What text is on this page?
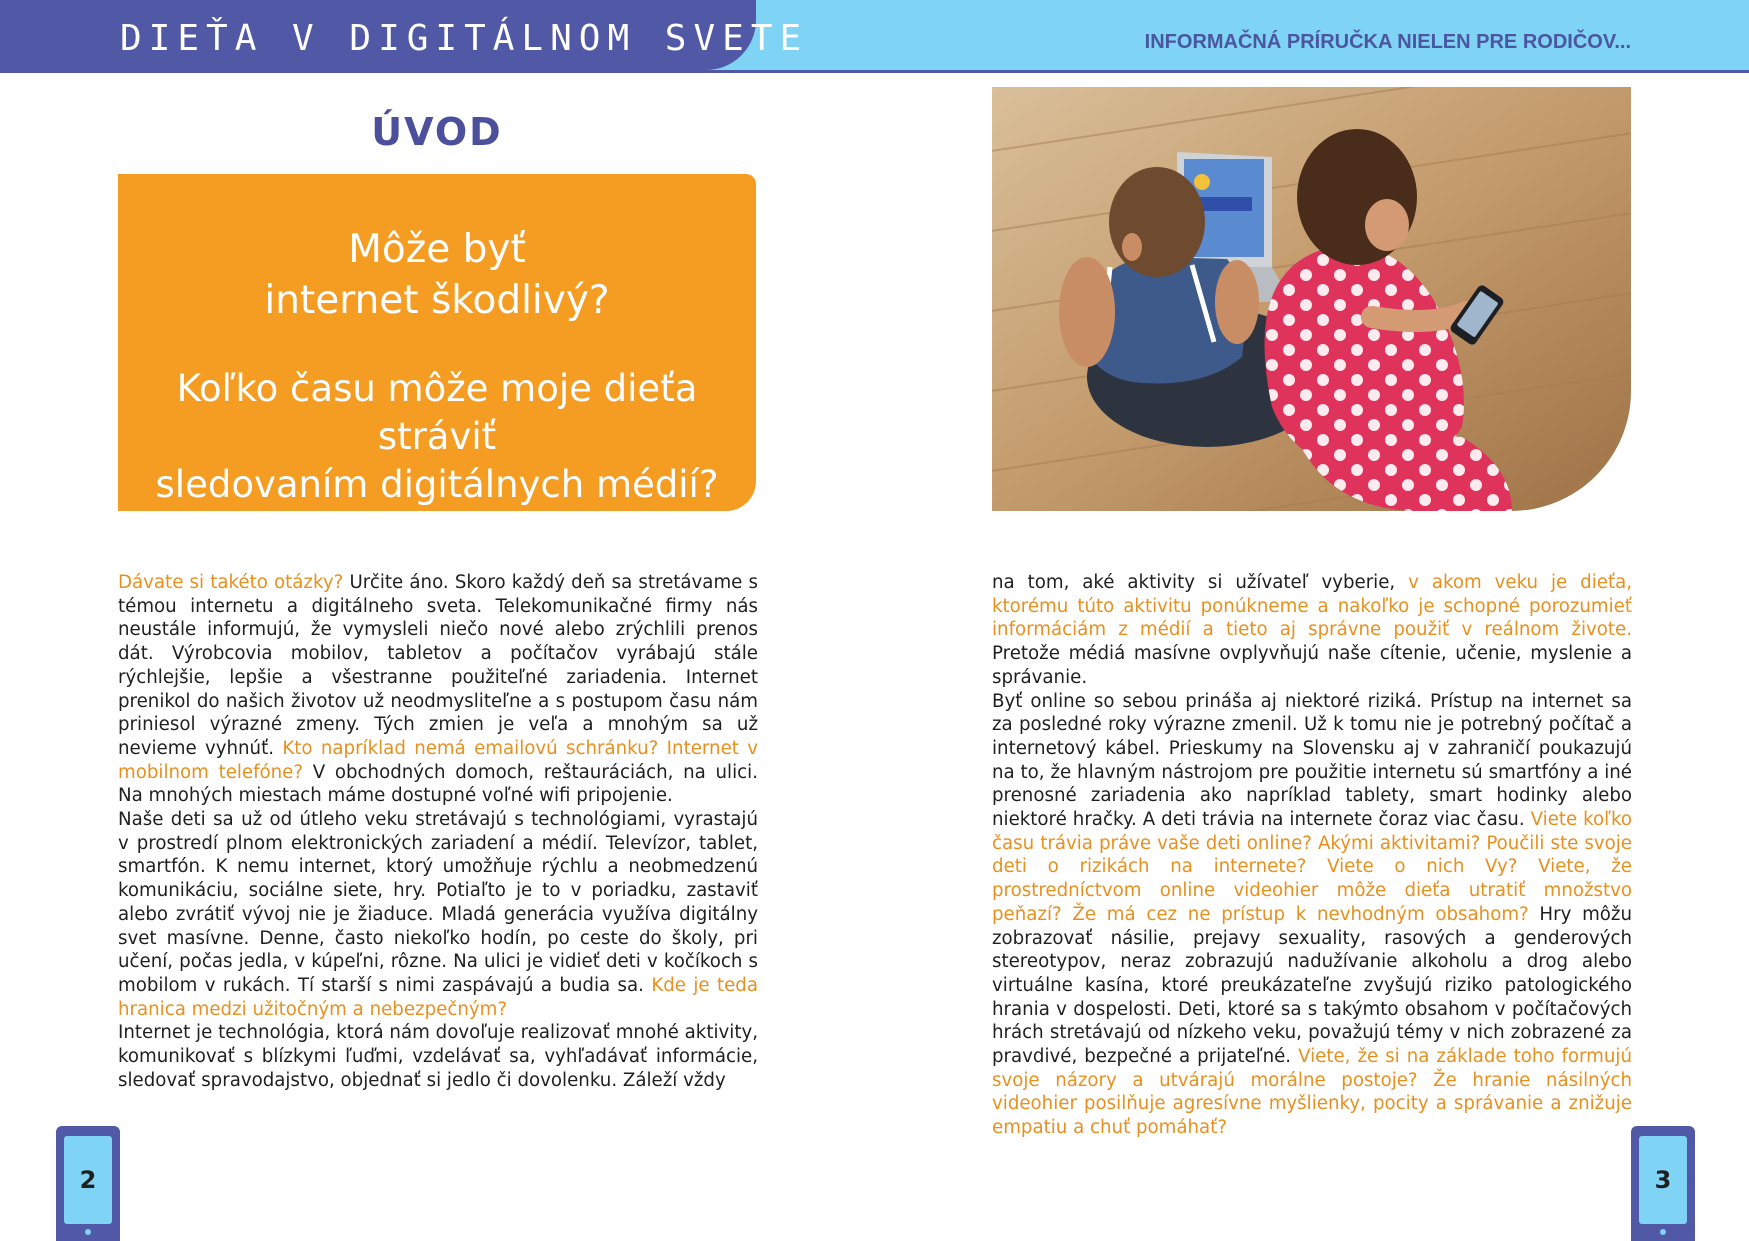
DIEŤA V DIGITÁLNOM SVETE	INFORMAČNÁ PRÍRUČKA NIELEN PRE RODIČOV...
ÚVOD
Môže byť
internet škodlivý?
Koľko času môže moje dieťa stráviť
sledovaním digitálnych médií?
Dávate si takéto otázky? Určite áno. Skoro každý deň sa stretávame s témou internetu a digitálneho sveta. Telekomunikačné firmy nás neustále informujú, že vymysleli niečo nové alebo zrýchlili prenos dát. Výrobcovia mobilov, tabletov a počítačov vyrábajú stále rýchlejšie, lepšie a všestranne použiteľné zariadenia. Internet prenikol do našich životov už neodmysliteľne a s postupom času nám priniesol výrazné zmeny. Tých zmien je veľa a mnohým sa už nevieme vyhnúť. Kto napríklad nemá emailovú schránku? Internet v mobilnom telefóne? V obchodných domoch, reštauráciách, na ulici. Na mnohých miestach máme dostupné voľné wifi pripojenie.
Naše deti sa už od útleho veku stretávajú s technológiami, vyrastajú v prostredí plnom elektronických zariadení a médií. Televízor, tablet, smartfón. K nemu internet, ktorý umožňuje rýchlu a neobmedzenú komunikáciu, sociálne siete, hry. Potiaľto je to v poriadku, zastaviť alebo zvrátiť vývoj nie je žiaduce. Mladá generácia využíva digitálny svet masívne. Denne, často niekoľko hodín, po ceste do školy, pri učení, počas jedla, v kúpeľni, rôzne. Na ulici je vidieť deti v kočíkoch s mobilom v rukách. Tí starší s nimi zaspávajú a budia sa. Kde je teda hranica medzi užitočným a nebezpečným?
Internet je technológia, ktorá nám dovoľuje realizovať mnohé aktivity, komunikovať s blízkymi ľuďmi, vzdelávať sa, vyhľadávať informácie, sledovať spravodajstvo, objednať si jedlo či dovolenku. Záleží vždy
2
na tom, aké aktivity si užívateľ vyberie, v akom veku je dieťa, ktorému túto aktivitu ponúkneme a nakoľko je schopné porozumieť informáciám z médií a tieto aj správne použiť v reálnom živote. Pretože médiá masívne ovplyvňujú naše cítenie, učenie, myslenie a správanie.
Byť online so sebou prináša aj niektoré riziká. Prístup na internet sa za posledné roky výrazne zmenil. Už k tomu nie je potrebný počítač a internetový kábel. Prieskumy na Slovensku aj v zahraničí poukazujú na to, že hlavným nástrojom pre použitie internetu sú smartfóny a iné prenosné zariadenia ako napríklad tablety, smart hodinky alebo niektoré hračky. A deti trávia na internete čoraz viac času. Viete koľko času trávia práve vaše deti online? Akými aktivitami? Poučili ste svoje deti o rizikách na internete? Viete o nich Vy? Viete, že prostredníctvom online videohier môže dieťa utratiť množstvo peňazí? Že má cez ne prístup k nevhodným obsahom? Hry môžu zobrazovať násilie, prejavy sexuality, rasových a genderových stereotypov, neraz zobrazujú nadužívanie alkoholu a drog alebo virtuálne kasína, ktoré preukázateľne zvyšujú riziko patologického hrania v dospelosti. Deti, ktoré sa s takýmto obsahom v počítačových hrách stretávajú od nízkeho veku, považujú témy v nich zobrazené za pravdivé, bezpečné a prijateľné. Viete, že si na základe toho formujú svoje názory a utvárajú morálne postoje? Že hranie násilných videohier posilňuje agresívne myšlienky, pocity a správanie a znižuje empatiu a chuť pomáhať?
3
